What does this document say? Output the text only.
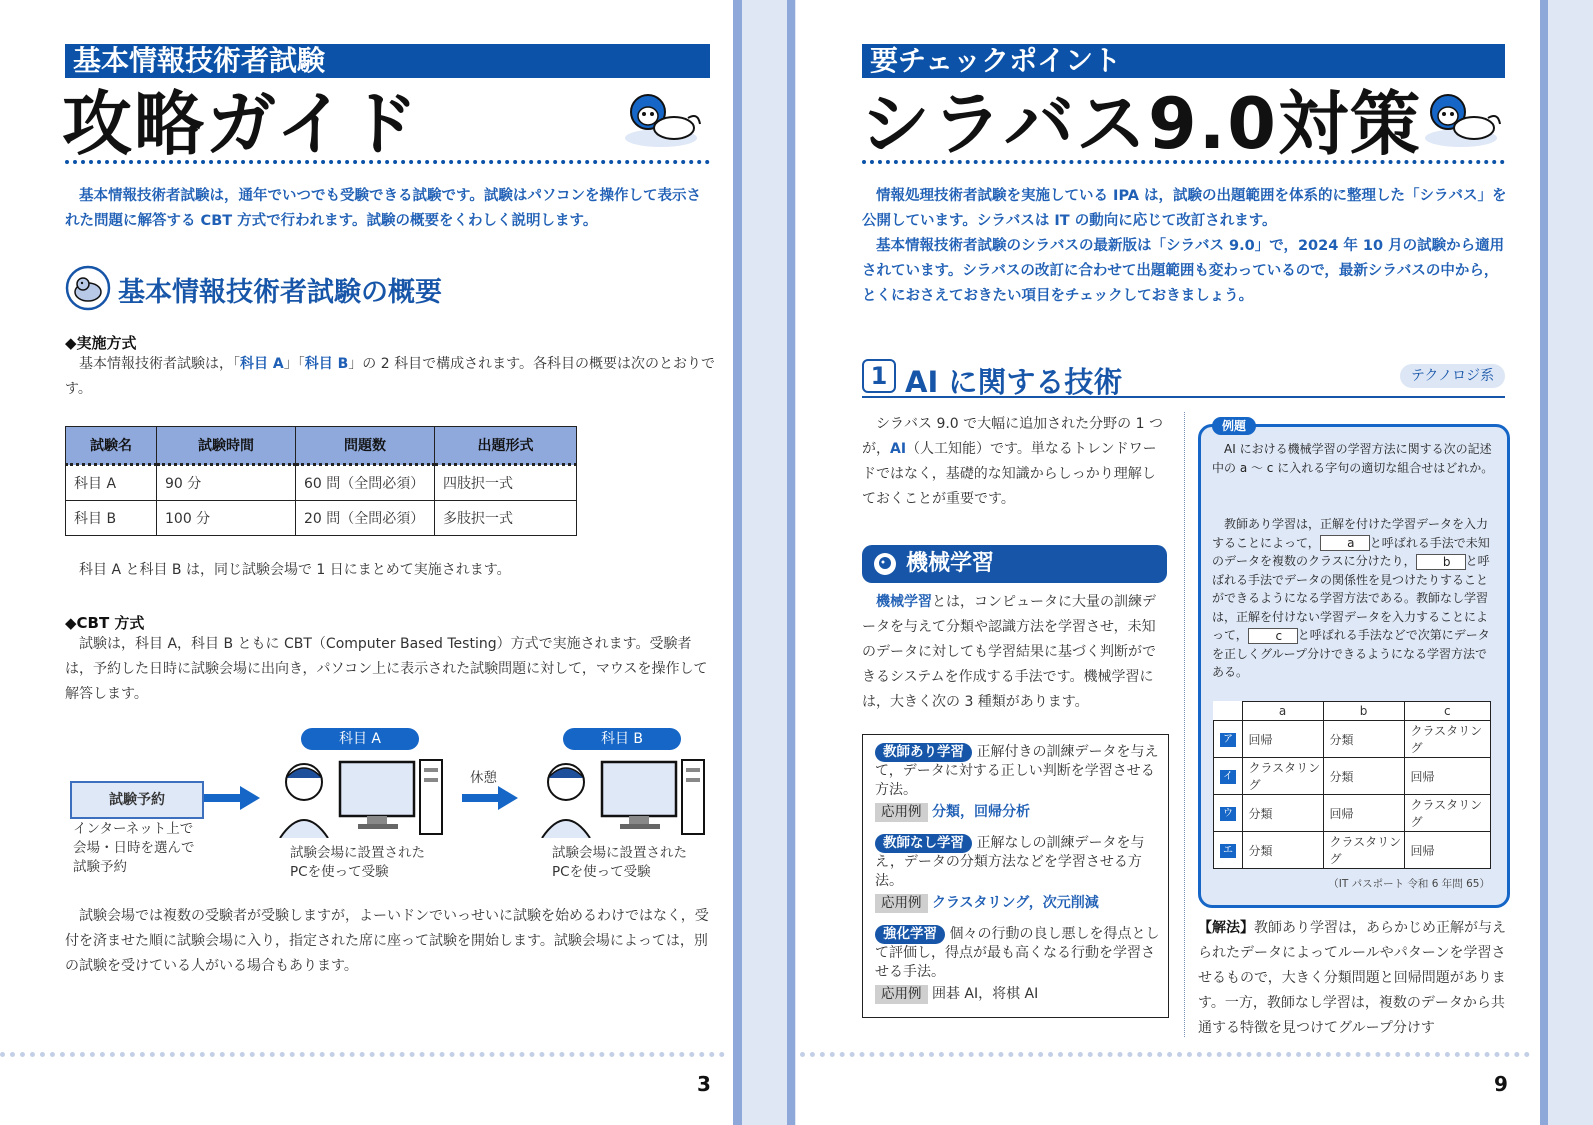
基本情報技術者試験
攻略ガイド
基本情報技術者試験は，通年でいつでも受験できる試験です。試験はパソコンを操作して表示された問題に解答する CBT 方式で行われます。試験の概要をくわしく説明します。
基本情報技術者試験の概要
◆実施方式
基本情報技術者試験は，「科目 A」「科目 B」の 2 科目で構成されます。各科目の概要は次のとおりです。
試験名	試験時間	問題数	出題形式
科目 A	90 分	60 問（全問必須）	四肢択一式
科目 B	100 分	20 問（全問必須）	多肢択一式
科目 A と科目 B は，同じ試験会場で 1 日にまとめて実施されます。
◆CBT 方式
試験は，科目 A，科目 B ともに CBT（Computer Based Testing）方式で実施されます。受験者は，予約した日時に試験会場に出向き，パソコン上に表示された試験問題に対して，マウスを操作して解答します。
試験予約
インターネット上で会場・日時を選んで試験予約
科目 A
試験会場に設置されたPCを使って受験
休憩
科目 B
試験会場に設置されたPCを使って受験
試験会場では複数の受験者が受験しますが，よーいドンでいっせいに試験を始めるわけではなく，受付を済ませた順に試験会場に入り，指定された席に座って試験を開始します。試験会場によっては，別の試験を受けている人がいる場合もあります。
3
要チェックポイント
シラバス9.0対策
情報処理技術者試験を実施している IPA は，試験の出題範囲を体系的に整理した「シラバス」を公開しています。シラバスは IT の動向に応じて改訂されます。
基本情報技術者試験のシラバスの最新版は「シラバス 9.0」で，2024 年 10 月の試験から適用されています。シラバスの改訂に合わせて出題範囲も変わっているので，最新シラバスの中から，とくにおさえておきたい項目をチェックしておきましょう。
1 AI に関する技術	テクノロジ系
シラバス 9.0 で大幅に追加された分野の 1 つが，AI（人工知能）です。単なるトレンドワードではなく，基礎的な知識からしっかり理解しておくことが重要です。
機械学習
機械学習とは，コンピュータに大量の訓練データを与えて分類や認識方法を学習させ，未知のデータに対しても学習結果に基づく判断ができるシステムを作成する手法です。機械学習には，大きく次の 3 種類があります。
教師あり学習 正解付きの訓練データを与えて，データに対する正しい判断を学習させる方法。
応用例 分類，回帰分析
教師なし学習 正解なしの訓練データを与え，データの分類方法などを学習させる方法。
応用例 クラスタリング，次元削減
強化学習 個々の行動の良し悪しを得点として評価し，得点が最も高くなる行動を学習させる手法。
応用例 囲碁 AI，将棋 AI
例題
AI における機械学習の学習方法に関する次の記述中の a ～ c に入れる字句の適切な組合せはどれか。
教師あり学習は，正解を付けた学習データを入力することによって， a と呼ばれる手法で未知のデータを複数のクラスに分けたり， b と呼ばれる手法でデータの関係性を見つけたりすることができるようになる学習方法である。教師なし学習は，正解を付けない学習データを入力することによって， c と呼ばれる手法などで次第にデータを正しくグループ分けできるようになる学習方法である。
	a	b	c
ア	回帰	分類	クラスタリング
イ	クラスタリング	分類	回帰
ウ	分類	回帰	クラスタリング
エ	分類	クラスタリング	回帰
（IT パスポート 令和 6 年問 65）
【解法】教師あり学習は，あらかじめ正解が与えられたデータによってルールやパターンを学習させるもので，大きく分類問題と回帰問題があります。一方，教師なし学習は，複数のデータから共通する特徴を見つけてグループ分けす
9
